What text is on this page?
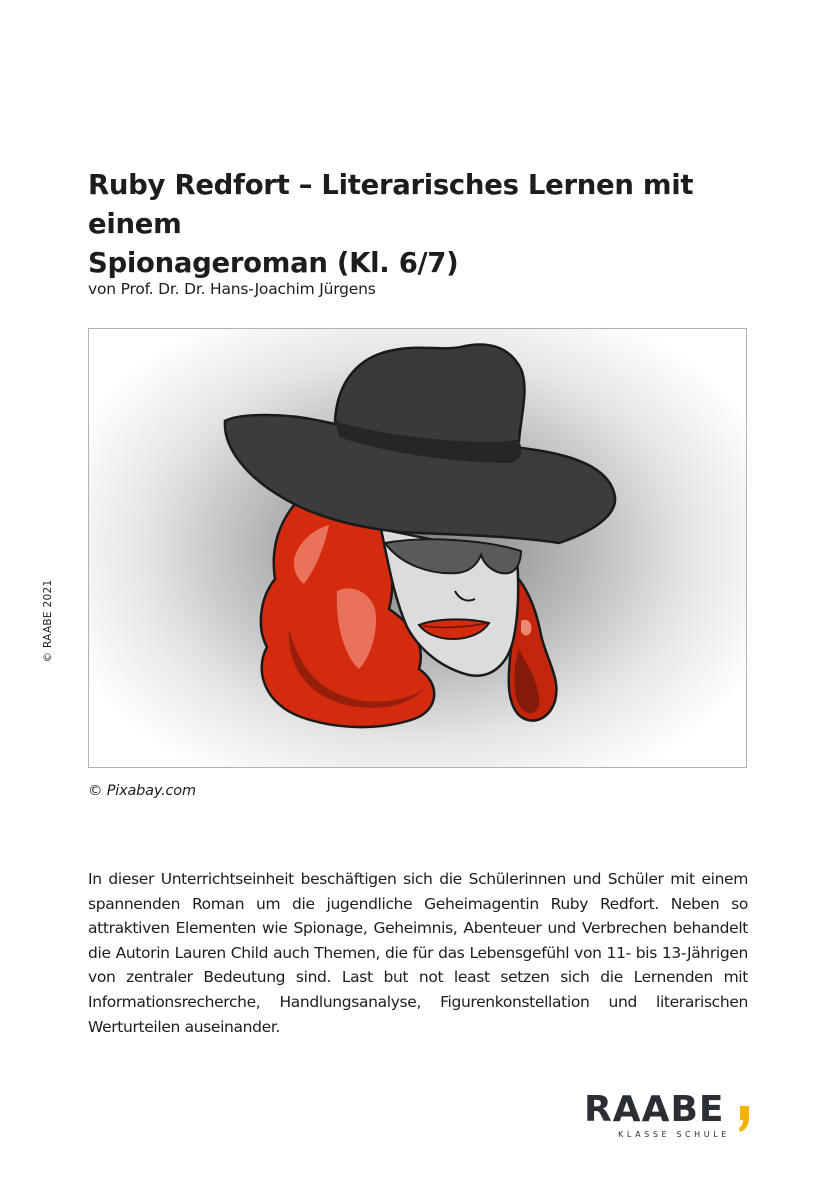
Ruby Redfort – Literarisches Lernen mit einem
Spionageroman (Kl. 6/7)
von Prof. Dr. Dr. Hans-Joachim Jürgens
© RAABE 2021
© Pixabay.com

In dieser Unterrichtseinheit beschäftigen sich die Schülerinnen und Schüler mit einem spannenden Roman um die jugendliche Geheimagentin Ruby Redfort. Neben so attraktiven Elementen wie Spionage, Geheimnis, Abenteuer und Verbrechen behandelt die Autorin Lauren Child auch Themen, die für das Lebensgefühl von 11- bis 13-Jährigen von zentraler Bedeutung sind. Last but not least setzen sich die Lernenden mit Informationsrecherche, Handlungsanalyse, Figurenkonstellation und literarischen Werturteilen auseinander.

RAABE
KLASSE SCHULE
